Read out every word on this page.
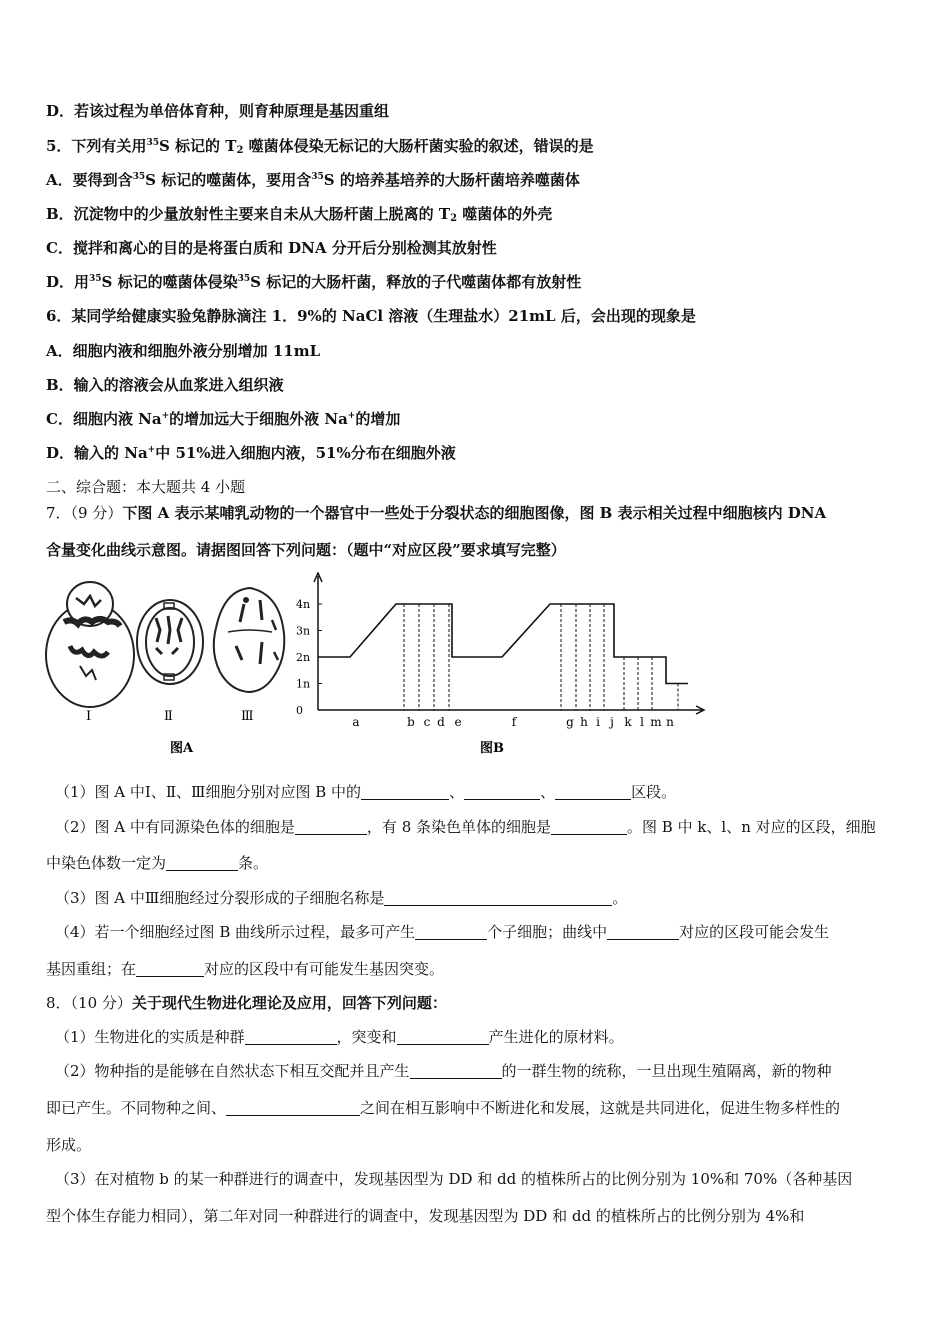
D．若该过程为单倍体育种，则育种原理是基因重组
5．下列有关用$^{35}$S 标记的 $T_2$ 噬菌体侵染无标记的大肠杆菌实验的叙述，错误的是
A．要得到含$^{35}$S 标记的噬菌体，要用含$^{35}$S 的培养基培养的大肠杆菌培养噬菌体
B．沉淀物中的少量放射性主要来自未从大肠杆菌上脱离的 $T_2$ 噬菌体的外壳
C．搅拌和离心的目的是将蛋白质和 DNA 分开后分别检测其放射性
D．用$^{35}$S 标记的噬菌体侵染$^{35}$S 标记的大肠杆菌，释放的子代噬菌体都有放射性
6．某同学给健康实验兔静脉滴注 1．9%的 NaCl 溶液（生理盐水）21mL 后，会出现的现象是
A．细胞内液和细胞外液分别增加 11mL
B．输入的溶液会从血浆进入组织液
C．细胞内液 Na+的增加远大于细胞外液 Na+的增加
D．输入的 Na+中 51%进入细胞内液，51%分布在细胞外液
二、综合题：本大题共 4 小题
7．（9 分）下图 A 表示某哺乳动物的一个器官中一些处于分裂状态的细胞图像，图 B 表示相关过程中细胞核内 DNA
含量变化曲线示意图。请据图回答下列问题：（题中“对应区段”要求填写完整）
Ⅰ	Ⅱ	Ⅲ
图A
4n
3n
2n
1n
0
a	b c d e	f	g h i j k l m n
图B
（1）图 A 中Ⅰ、Ⅱ、Ⅲ细胞分别对应图 B 中的	、	、	区段。
（2）图 A 中有同源染色体的细胞是	，有 8 条染色单体的细胞是	。图 B 中 k、l、n 对应的区段，细胞
中染色体数一定为	条。
（3）图 A 中Ⅲ细胞经过分裂形成的子细胞名称是	。
（4）若一个细胞经过图 B 曲线所示过程，最多可产生	个子细胞；曲线中	对应的区段可能会发生
基因重组；在	对应的区段中有可能发生基因突变。
8．（10 分）关于现代生物进化理论及应用，回答下列问题：
（1）生物进化的实质是种群	，突变和	产生进化的原材料。
（2）物种指的是能够在自然状态下相互交配并且产生	的一群生物的统称，一旦出现生殖隔离，新的物种
即已产生。不同物种之间、	之间在相互影响中不断进化和发展，这就是共同进化，促进生物多样性的
形成。
（3）在对植物 b 的某一种群进行的调查中，发现基因型为 DD 和 dd 的植株所占的比例分别为 10%和 70%（各种基因
型个体生存能力相同），第二年对同一种群进行的调查中，发现基因型为 DD 和 dd 的植株所占的比例分别为 4%和
